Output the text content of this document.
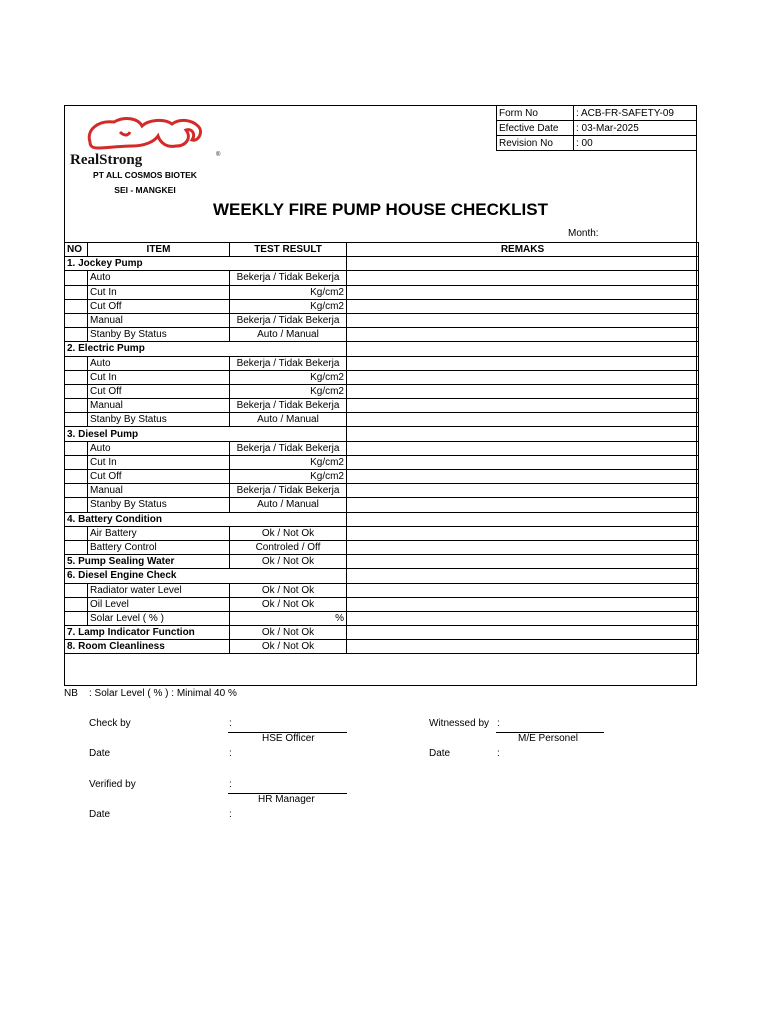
Form No	: ACB-FR-SAFETY-09
Efective Date	: 03-Mar-2025
Revision No	: 00
RealStrong	®
PT ALL COSMOS BIOTEK
SEI - MANGKEI
WEEKLY FIRE PUMP HOUSE CHECKLIST
Month:
NO	ITEM	TEST RESULT	REMAKS
1. Jockey Pump			
	Auto	Bekerja / Tidak Bekerja	
	Cut In	Kg/cm2	
	Cut Off	Kg/cm2	
	Manual	Bekerja / Tidak Bekerja	
	Stanby By Status	Auto / Manual	
2. Electric Pump			
	Auto	Bekerja / Tidak Bekerja	
	Cut In	Kg/cm2	
	Cut Off	Kg/cm2	
	Manual	Bekerja / Tidak Bekerja	
	Stanby By Status	Auto / Manual	
3. Diesel Pump			
	Auto	Bekerja / Tidak Bekerja	
	Cut In	Kg/cm2	
	Cut Off	Kg/cm2	
	Manual	Bekerja / Tidak Bekerja	
	Stanby By Status	Auto / Manual	
4. Battery Condition			
	Air Battery	Ok / Not Ok	
	Battery Control	Controled / Off	
5. Pump Sealing Water		Ok / Not Ok	
6. Diesel Engine Check			
	Radiator water Level	Ok / Not Ok	
	Oil Level	Ok / Not Ok	
	Solar Level ( % )	%	
7. Lamp Indicator Function		Ok / Not Ok	
8. Room Cleanliness		Ok / Not Ok	
NB    : Solar Level ( % ) : Minimal 40 %
Check by	:
HSE Officer
Date	:
Verified by	:
HR Manager
Date	:
Witnessed by :
M/E Personel
Date	:
